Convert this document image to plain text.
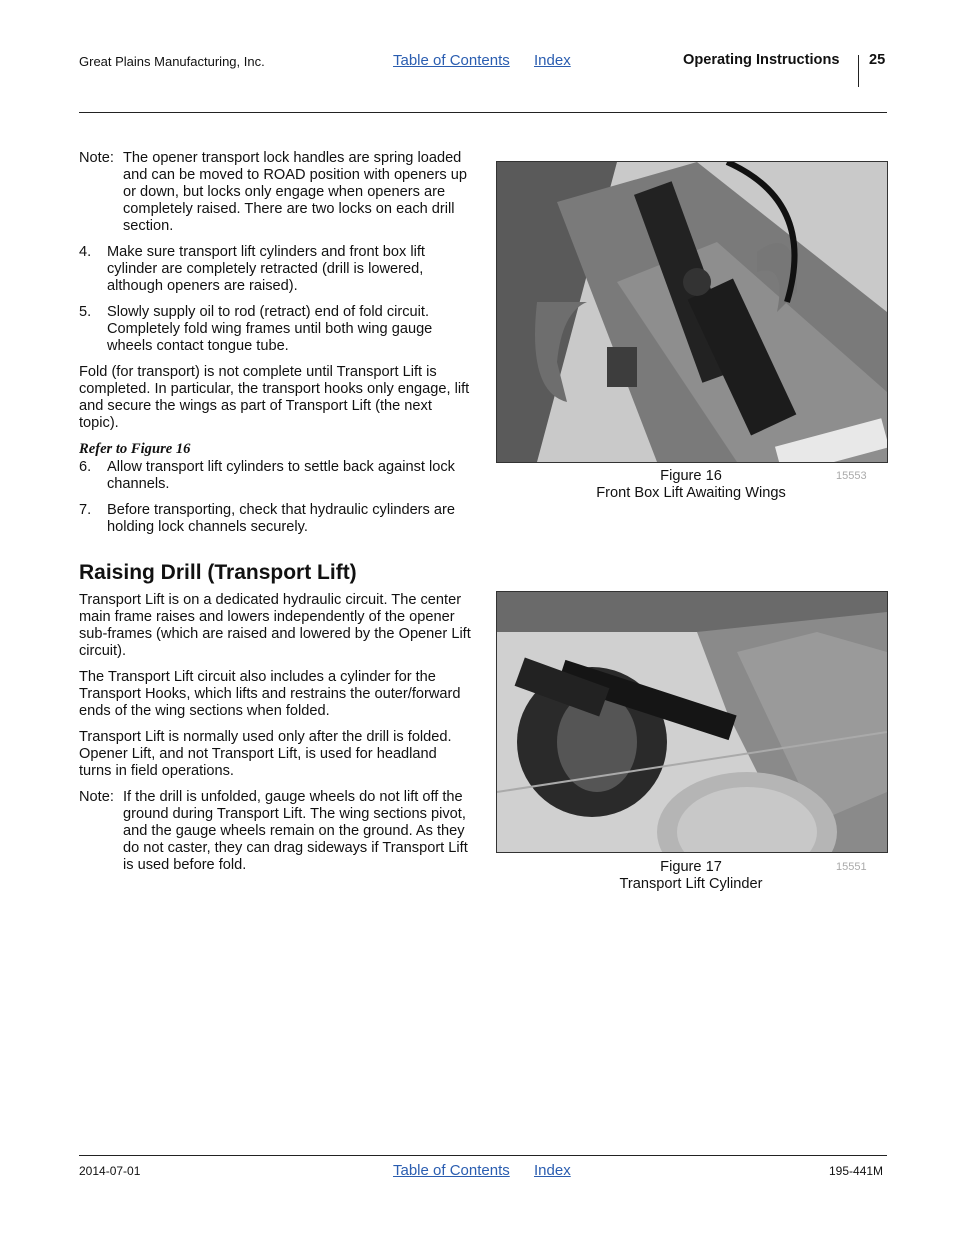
Great Plains Manufacturing, Inc.	Table of Contents Index	Operating Instructions 25
Note: The opener transport lock handles are spring loaded and can be moved to ROAD position with openers up or down, but locks only engage when openers are completely raised. There are two locks on each drill section.
4. Make sure transport lift cylinders and front box lift cylinder are completely retracted (drill is lowered, although openers are raised).
5. Slowly supply oil to rod (retract) end of fold circuit. Completely fold wing frames until both wing gauge wheels contact tongue tube.

Fold (for transport) is not complete until Transport Lift is completed. In particular, the transport hooks only engage, lift and secure the wings as part of Transport Lift (the next topic).

Refer to Figure 16
6. Allow transport lift cylinders to settle back against lock channels.
7. Before transporting, check that hydraulic cylinders are holding lock channels securely.
Raising Drill (Transport Lift)

Transport Lift is on a dedicated hydraulic circuit. The center main frame raises and lowers independently of the opener sub-frames (which are raised and lowered by the Opener Lift circuit).

The Transport Lift circuit also includes a cylinder for the Transport Hooks, which lifts and restrains the outer/forward ends of the wing sections when folded.

Transport Lift is normally used only after the drill is folded. Opener Lift, and not Transport Lift, is used for headland turns in field operations.

Note: If the drill is unfolded, gauge wheels do not lift off the ground during Transport Lift. The wing sections pivot, and the gauge wheels remain on the ground. As they do not caster, they can drag sideways if Transport Lift is used before fold.
Figure 16
Front Box Lift Awaiting Wings
15553
Figure 17
Transport Lift Cylinder
15551
2014-07-01	Table of Contents Index	195-441M
